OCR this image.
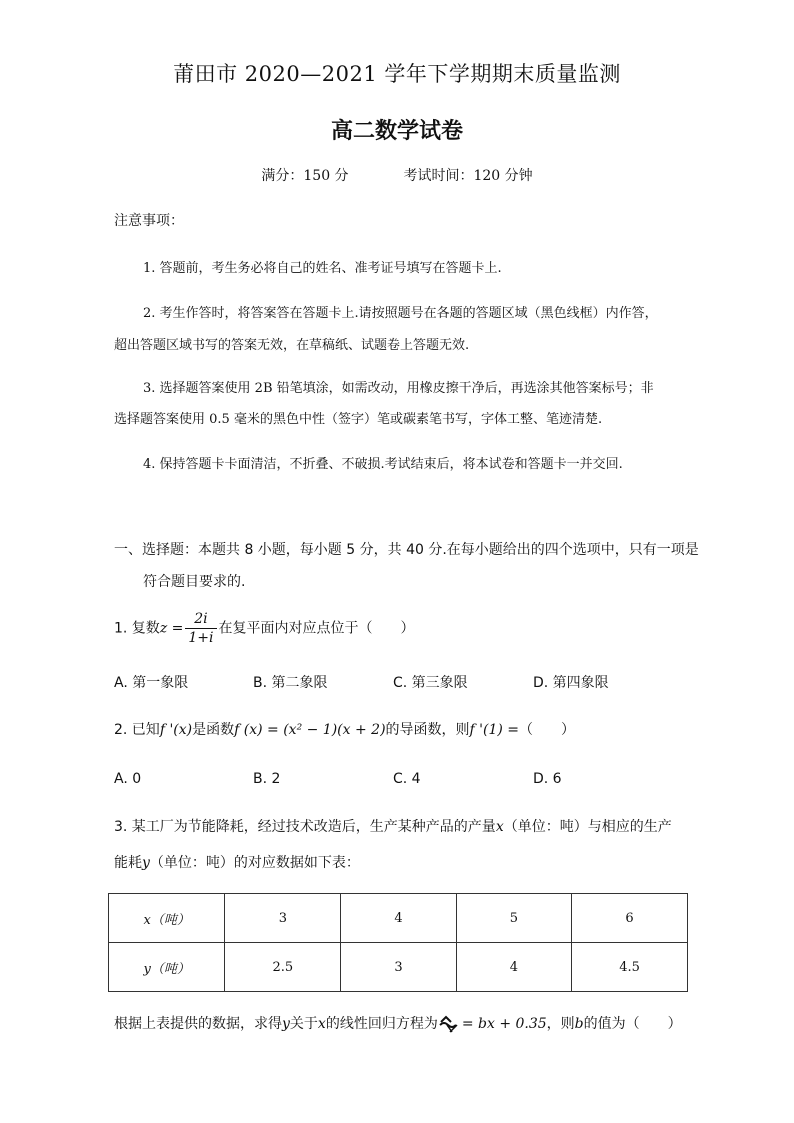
莆田市 2020—2021 学年下学期期末质量监测
高二数学试卷
满分：150 分	考试时间：120 分钟
注意事项：
1. 答题前，考生务必将自己的姓名、准考证号填写在答题卡上.
2. 考生作答时，将答案答在答题卡上.请按照题号在各题的答题区域（黑色线框）内作答，
超出答题区域书写的答案无效，在草稿纸、试题卷上答题无效.
3. 选择题答案使用 2B 铅笔填涂，如需改动，用橡皮擦干净后，再选涂其他答案标号；非
选择题答案使用 0.5 毫米的黑色中性（签字）笔或碳素笔书写，字体工整、笔迹清楚.
4. 保持答题卡卡面清洁，不折叠、不破损.考试结束后，将本试卷和答题卡一并交回.
一、选择题：本题共 8 小题，每小题 5 分，共 40 分.在每小题给出的四个选项中，只有一项是
符合题目要求的.
1. 复数$z = \frac{2i}{1+i}$ 在复平面内对应点位于（　　）
A. 第一象限	B. 第二象限	C. 第三象限	D. 第四象限
2. 已知f '(x)是函数f (x) = (x² − 1)(x + 2)的导函数，则f '(1) =（　　）
A. 0	B. 2	C. 4	D. 6
3. 某工厂为节能降耗，经过技术改造后，生产某种产品的产量x（单位：吨）与相应的生产
能耗y（单位：吨）的对应数据如下表：
x（吨）	3	4	5	6
y（吨）	2.5	3	4	4.5
根据上表提供的数据，求得y关于x的线性回归方程为 = bx + 0.35，则b的值为（　　）
